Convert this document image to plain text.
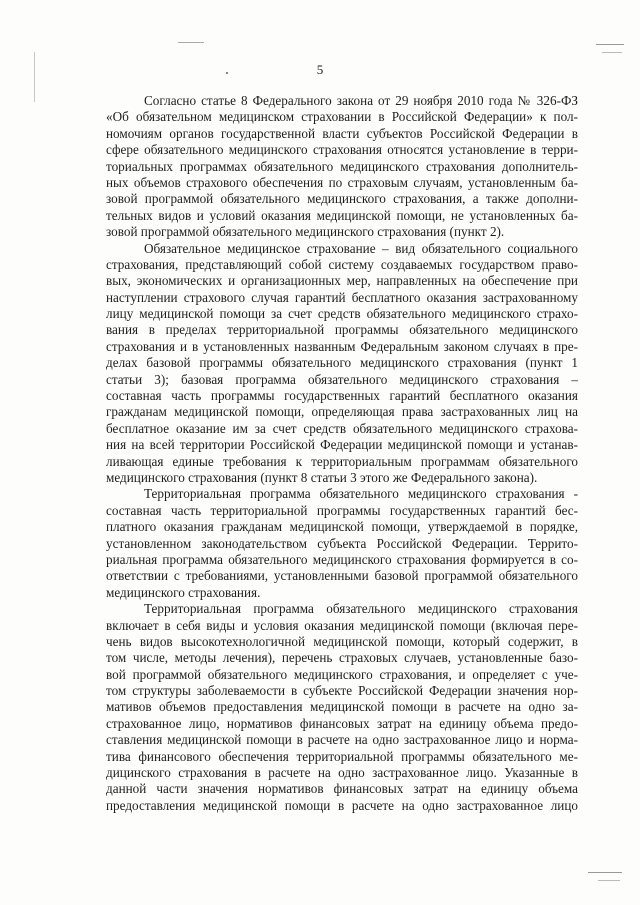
5
Согласно статье 8 Федерального закона от 29 ноября 2010 года № 326-ФЗ
«Об обязательном медицинском страховании в Российской Федерации» к пол-
номочиям органов государственной власти субъектов Российской Федерации в
сфере обязательного медицинского страхования относятся установление в терри-
ториальных программах обязательного медицинского страхования дополнитель-
ных объемов страхового обеспечения по страховым случаям, установленным ба-
зовой программой обязательного медицинского страхования, а также дополни-
тельных видов и условий оказания медицинской помощи, не установленных ба-
зовой программой обязательного медицинского страхования (пункт 2).
Обязательное медицинское страхование – вид обязательного социального
страхования, представляющий собой систему создаваемых государством право-
вых, экономических и организационных мер, направленных на обеспечение при
наступлении страхового случая гарантий бесплатного оказания застрахованному
лицу медицинской помощи за счет средств обязательного медицинского страхо-
вания в пределах территориальной программы обязательного медицинского
страхования и в установленных названным Федеральным законом случаях в пре-
делах базовой программы обязательного медицинского страхования (пункт 1
статьи 3); базовая программа обязательного медицинского страхования –
составная часть программы государственных гарантий бесплатного оказания
гражданам медицинской помощи, определяющая права застрахованных лиц на
бесплатное оказание им за счет средств обязательного медицинского страхова-
ния на всей территории Российской Федерации медицинской помощи и устанав-
ливающая единые требования к территориальным программам обязательного
медицинского страхования (пункт 8 статьи 3 этого же Федерального закона).
Территориальная программа обязательного медицинского страхования -
составная часть территориальной программы государственных гарантий бес-
платного оказания гражданам медицинской помощи, утверждаемой в порядке,
установленном законодательством субъекта Российской Федерации. Террито-
риальная программа обязательного медицинского страхования формируется в со-
ответствии с требованиями, установленными базовой программой обязательного
медицинского страхования.
Территориальная программа обязательного медицинского страхования
включает в себя виды и условия оказания медицинской помощи (включая пере-
чень видов высокотехнологичной медицинской помощи, который содержит, в
том числе, методы лечения), перечень страховых случаев, установленные базо-
вой программой обязательного медицинского страхования, и определяет с уче-
том структуры заболеваемости в субъекте Российской Федерации значения нор-
мативов объемов предоставления медицинской помощи в расчете на одно за-
страхованное лицо, нормативов финансовых затрат на единицу объема предо-
ставления медицинской помощи в расчете на одно застрахованное лицо и норма-
тива финансового обеспечения территориальной программы обязательного ме-
дицинского страхования в расчете на одно застрахованное лицо. Указанные в
данной части значения нормативов финансовых затрат на единицу объема
предоставления медицинской помощи в расчете на одно застрахованное лицо
